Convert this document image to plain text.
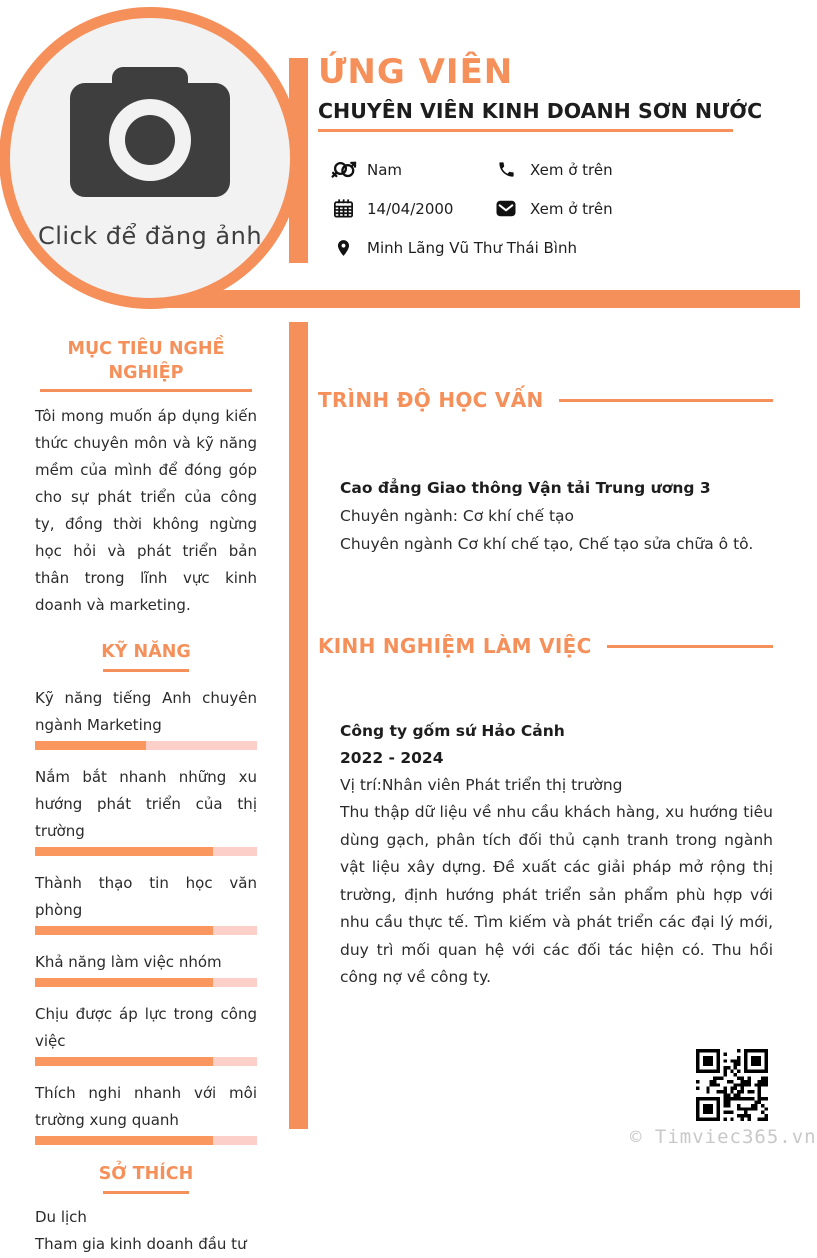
Click để đăng ảnh
ỨNG VIÊN
CHUYÊN VIÊN KINH DOANH SƠN NƯỚC
Nam	Xem ở trên
14/04/2000	Xem ở trên
Minh Lãng Vũ Thư Thái Bình
MỤC TIÊU NGHỀ NGHIỆP

Tôi mong muốn áp dụng kiến thức chuyên môn và kỹ năng mềm của mình để đóng góp cho sự phát triển của công ty, đồng thời không ngừng học hỏi và phát triển bản thân trong lĩnh vực kinh doanh và marketing.

KỸ NĂNG
Kỹ năng tiếng Anh chuyên ngành Marketing
Nắm bắt nhanh những xu hướng phát triển của thị trường
Thành thạo tin học văn phòng
Khả năng làm việc nhóm
Chịu được áp lực trong công việc
Thích nghi nhanh với môi trường xung quanh
SỞ THÍCH
Du lịch
Tham gia kinh doanh đầu tư
TRÌNH ĐỘ HỌC VẤN
Cao đẳng Giao thông Vận tải Trung ương 3
Chuyên ngành: Cơ khí chế tạo
Chuyên ngành Cơ khí chế tạo, Chế tạo sửa chữa ô tô.
KINH NGHIỆM LÀM VIỆC
Công ty gốm sứ Hảo Cảnh
2022 - 2024
Vị trí:Nhân viên Phát triển thị trường
Thu thập dữ liệu về nhu cầu khách hàng, xu hướng tiêu dùng gạch, phân tích đối thủ cạnh tranh trong ngành vật liệu xây dựng. Đề xuất các giải pháp mở rộng thị trường, định hướng phát triển sản phẩm phù hợp với nhu cầu thực tế. Tìm kiếm và phát triển các đại lý mới, duy trì mối quan hệ với các đối tác hiện có. Thu hồi công nợ về công ty.
© Timviec365.vn
